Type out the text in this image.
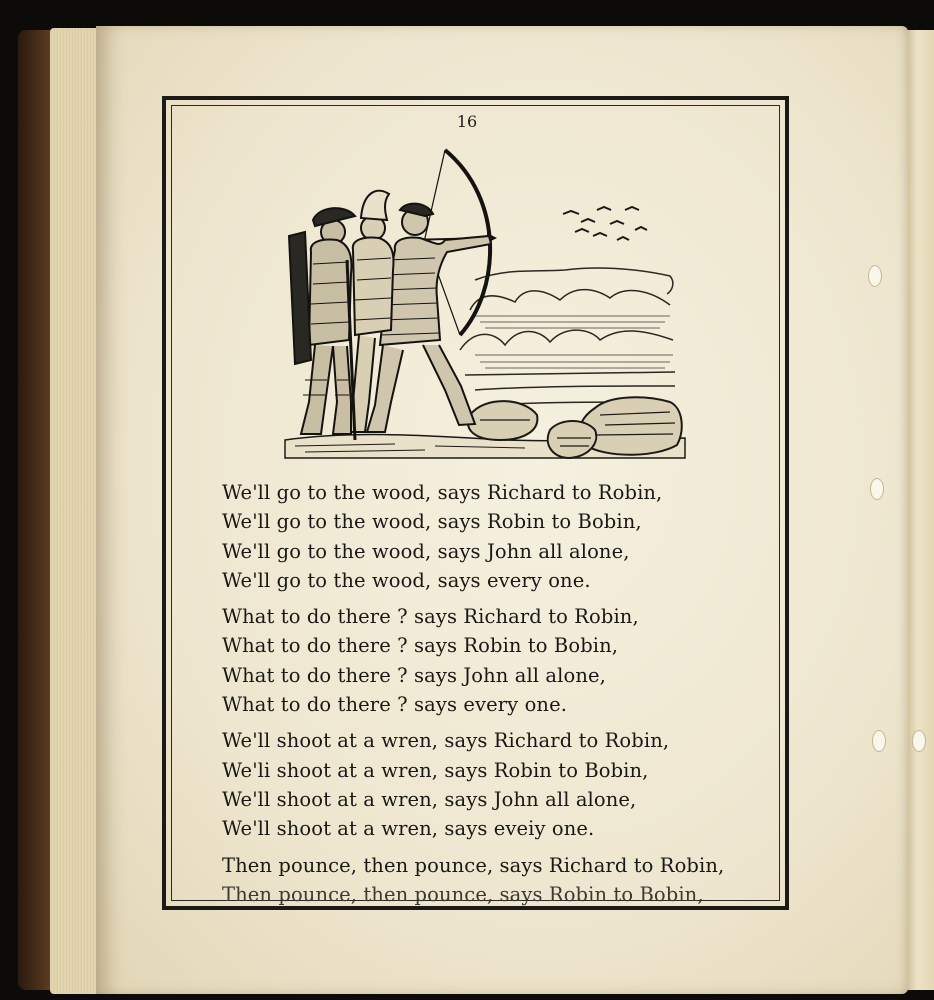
16
We'll go to the wood, says Richard to Robin,
We'll go to the wood, says Robin to Bobin,
We'll go to the wood, says John all alone,
We'll go to the wood, says every one.
What to do there ? says Richard to Robin,
What to do there ? says Robin to Bobin,
What to do there ? says John all alone,
What to do there ? says every one.
We'll shoot at a wren, says Richard to Robin,
We'li shoot at a wren, says Robin to Bobin,
We'll shoot at a wren, says John all alone,
We'll shoot at a wren, says eveiy one.
Then pounce, then pounce, says Richard to Robin,
Then pounce, then pounce, says Robin to Bobin,
